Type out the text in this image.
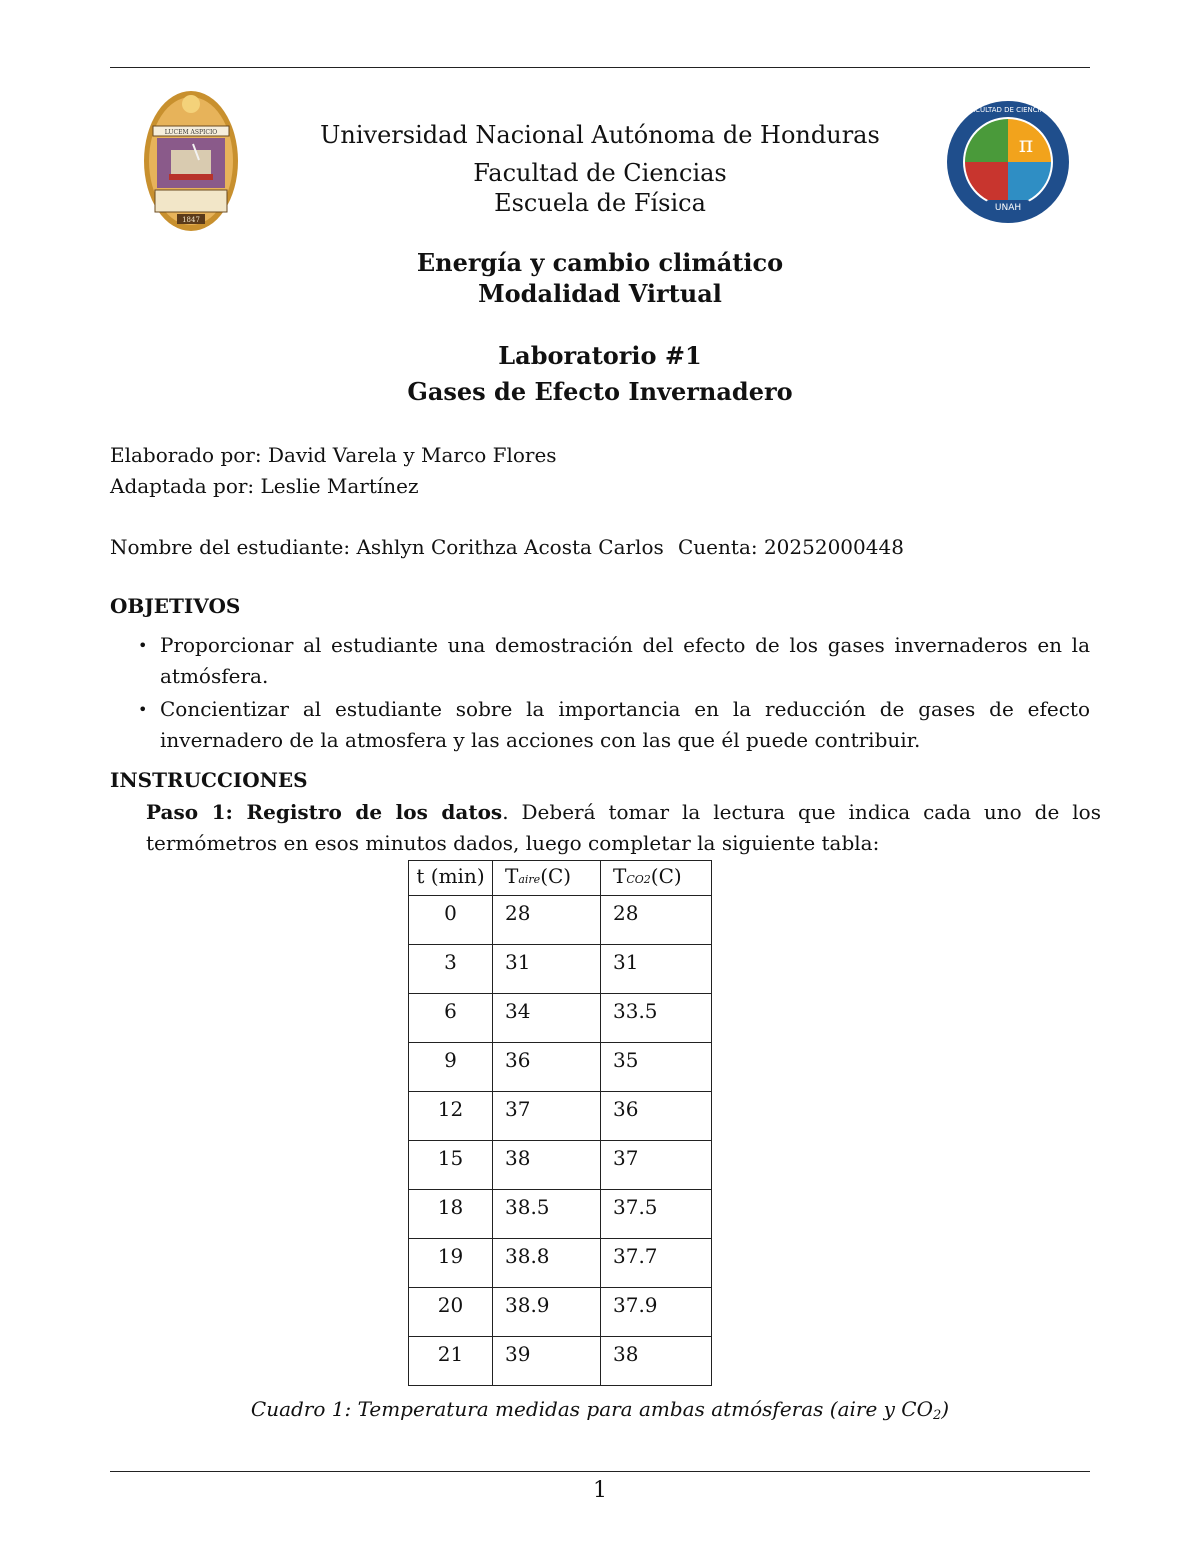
LUCEM ASPICIO
1847
π
UNAH
FACULTAD DE CIENCIAS
Universidad Nacional Autónoma de Honduras
Facultad de Ciencias
Escuela de Física
Energía y cambio climático
Modalidad Virtual
Laboratorio #1
Gases de Efecto Invernadero
Elaborado por: David Varela y Marco Flores
Adaptada por: Leslie Martínez
Nombre del estudiante: Ashlyn Corithza Acosta Carlos Cuenta: 20252000448
OBJETIVOS
• Proporcionar al estudiante una demostración del efecto de los gases invernaderos en la atmósfera.
• Concientizar al estudiante sobre la importancia en la reducción de gases de efecto invernadero de la atmosfera y las acciones con las que él puede contribuir.
INSTRUCCIONES
Paso 1: Registro de los datos. Deberá tomar la lectura que indica cada uno de los termómetros en esos minutos dados, luego completar la siguiente tabla:
t (min)	Taire(C)	TCO2(C)
0	28	28
3	31	31
6	34	33.5
9	36	35
12	37	36
15	38	37
18	38.5	37.5
19	38.8	37.7
20	38.9	37.9
21	39	38
Cuadro 1: Temperatura medidas para ambas atmósferas (aire y $CO_2$)
1
